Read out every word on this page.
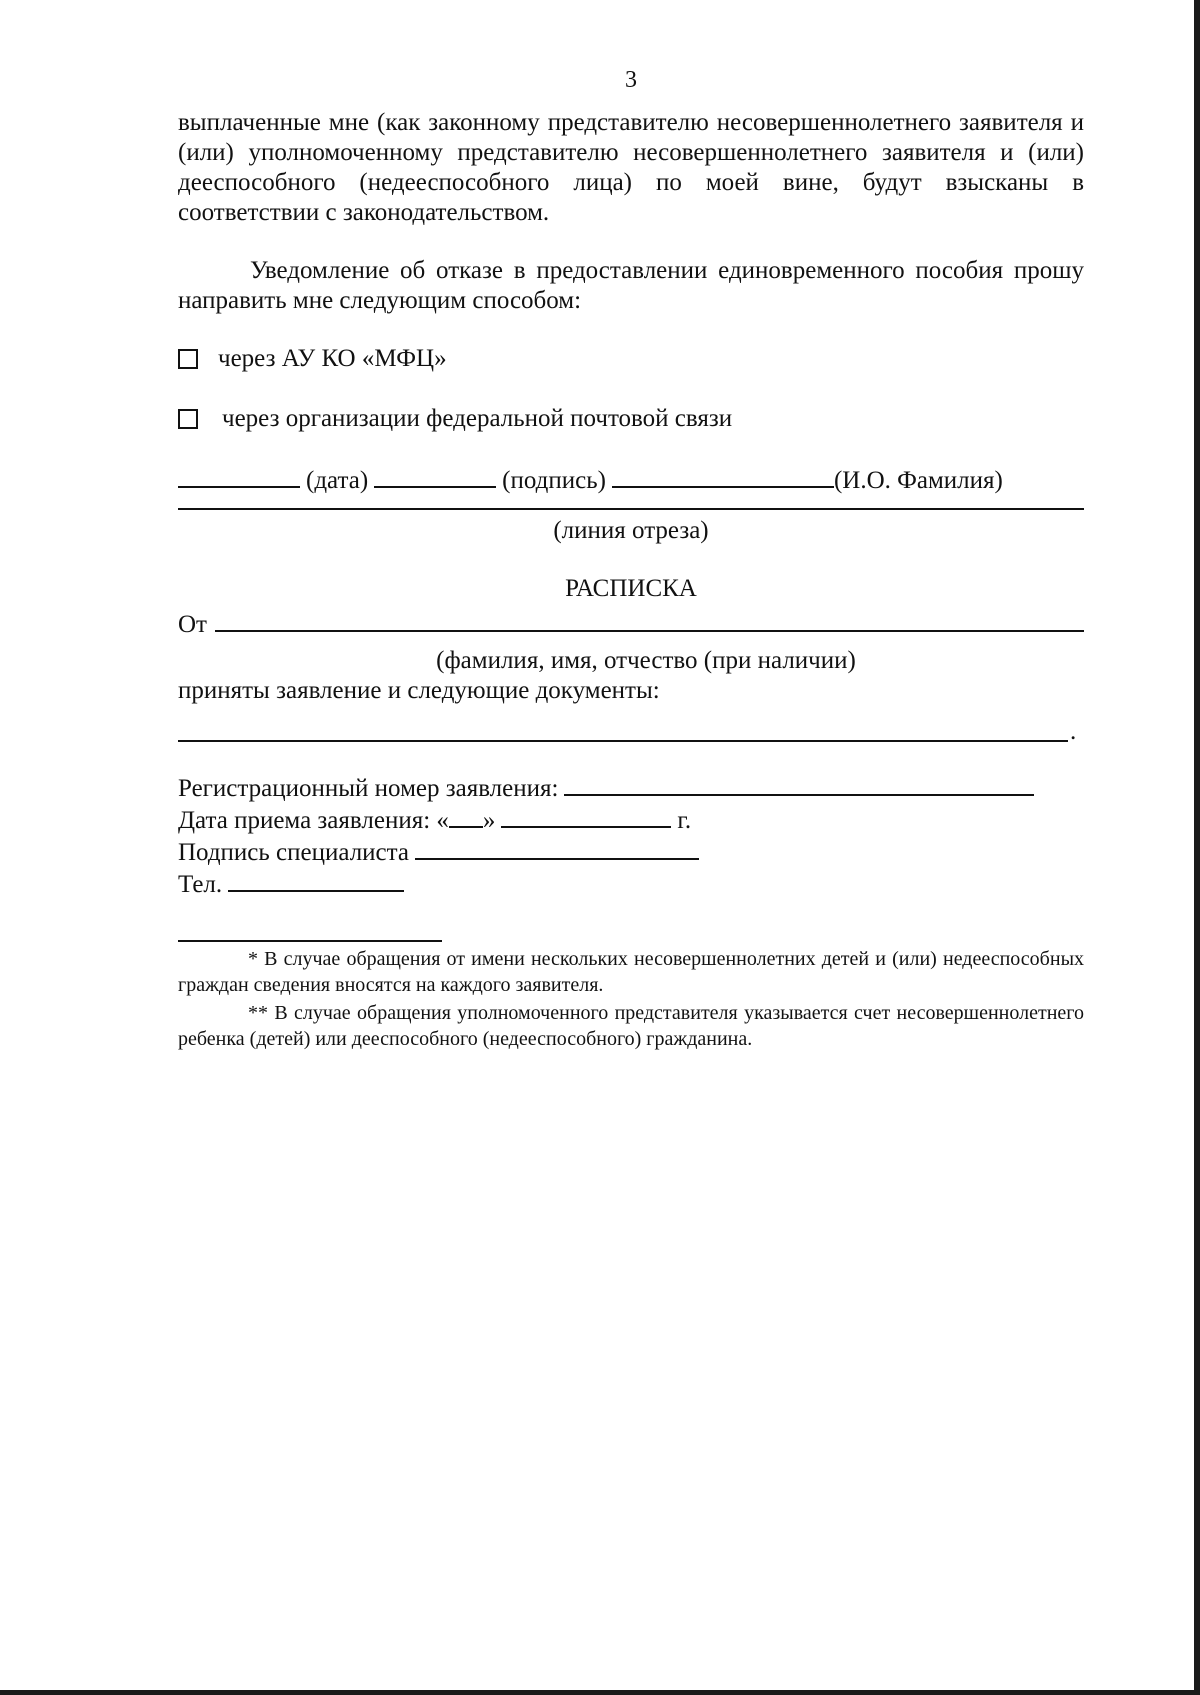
3

выплаченные мне (как законному представителю несовершеннолетнего заявителя и (или) уполномоченному представителю несовершеннолетнего заявителя и (или) дееспособного (недееспособного лица) по моей вине, будут взысканы в соответствии с законодательством.

Уведомление об отказе в предоставлении единовременного пособия прошу направить мне следующим способом:

через АУ КО «МФЦ»
через организации федеральной почтовой связи
(дата)	(подпись)	(И.О. Фамилия)
(линия отреза)
РАСПИСКА
От
(фамилия, имя, отчество (при наличии)
приняты заявление и следующие документы:
.
Регистрационный номер заявления:
Дата приема заявления: « »	г.
Подпись специалиста
Тел.

* В случае обращения от имени нескольких несовершеннолетних детей и (или) недееспособных граждан сведения вносятся на каждого заявителя.

** В случае обращения уполномоченного представителя указывается счет несовершеннолетнего ребенка (детей) или дееспособного (недееспособного) гражданина.
